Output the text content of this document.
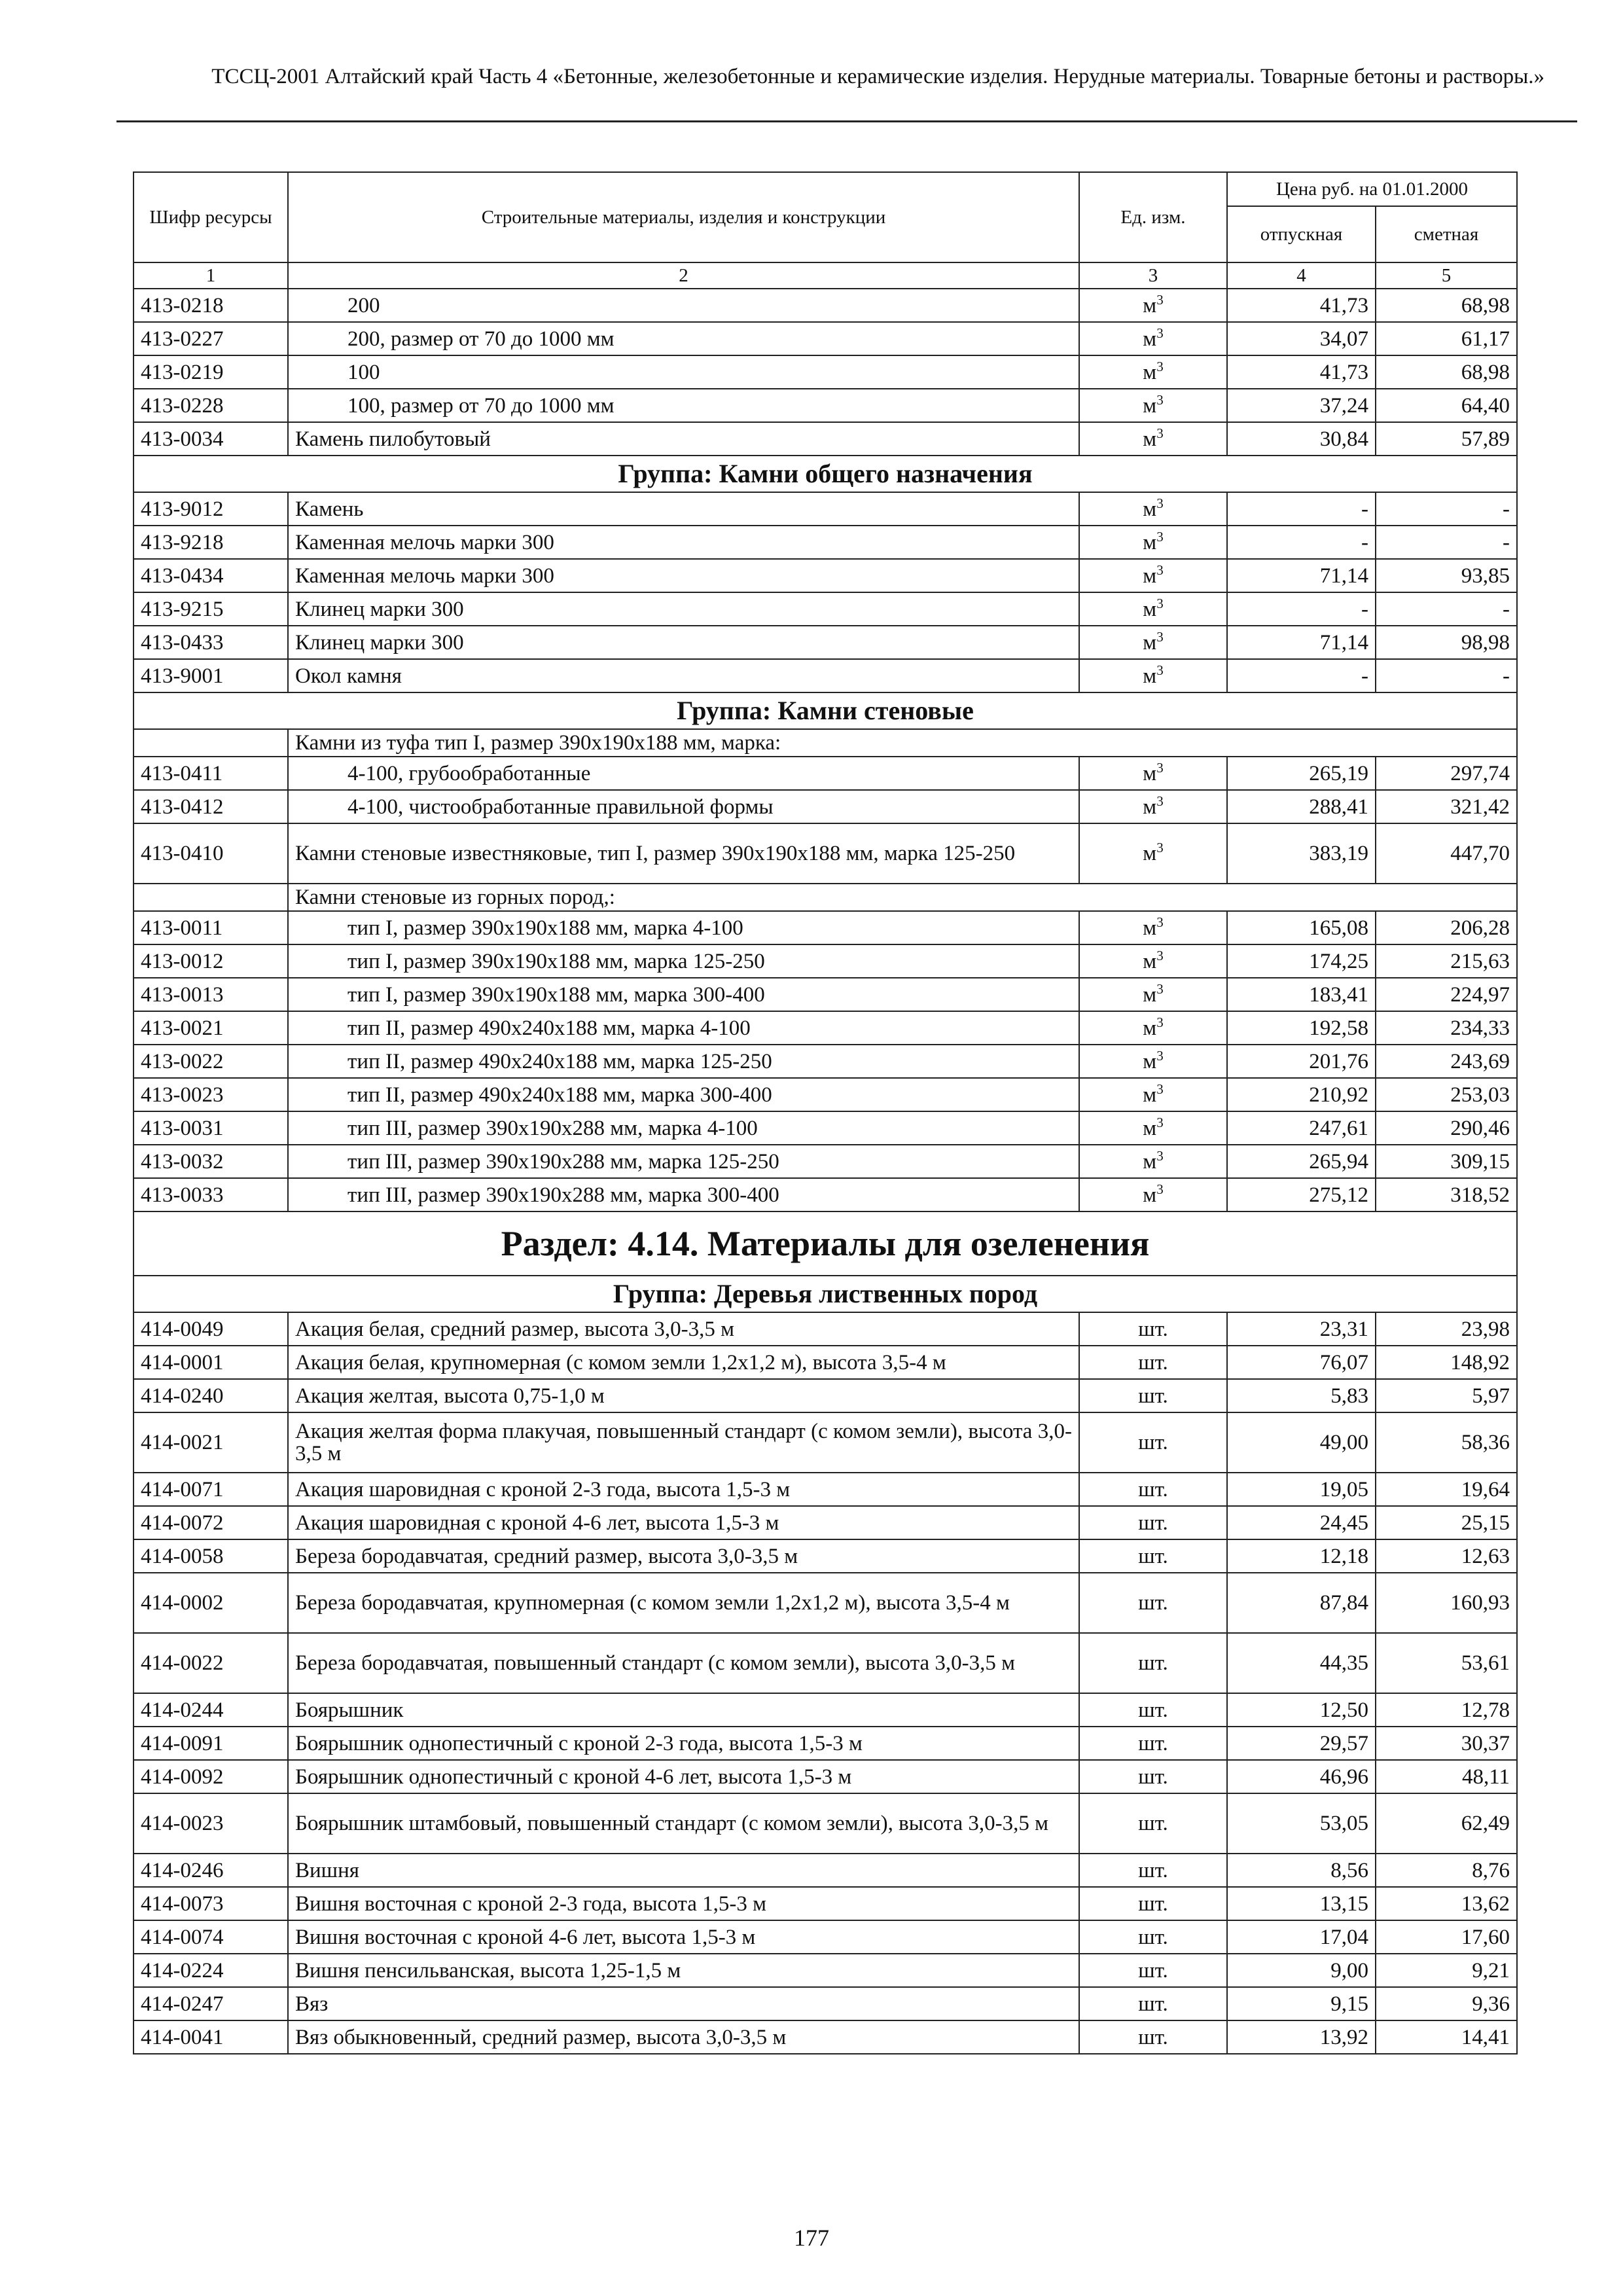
ТССЦ-2001 Алтайский край Часть 4 «Бетонные, железобетонные и керамические изделия. Нерудные материалы. Товарные бетоны и растворы.»
Шифр ресурсы	Строительные материалы, изделия и конструкции	Ед. изм.	Цена руб. на 01.01.2000	
			отпускная	сметная
1	2	3	4	5
413-0218	200	$м^3$	41,73	68,98
413-0227	200, размер от 70 до 1000 мм	$м^3$	34,07	61,17
413-0219	100	$м^3$	41,73	68,98
413-0228	100, размер от 70 до 1000 мм	$м^3$	37,24	64,40
413-0034	Камень пилобутовый	$м^3$	30,84	57,89
Группа: Камни общего назначения				
413-9012	Камень	$м^3$	-	-
413-9218	Каменная мелочь марки 300	$м^3$	-	-
413-0434	Каменная мелочь марки 300	$м^3$	71,14	93,85
413-9215	Клинец марки 300	$м^3$	-	-
413-0433	Клинец марки 300	$м^3$	71,14	98,98
413-9001	Окол камня	$м^3$	-	-
Группа: Камни стеновые				
	Камни из туфа тип I, размер 390x190x188 мм, марка:			
413-0411	4-100, грубообработанные	$м^3$	265,19	297,74
413-0412	4-100, чистообработанные правильной формы	$м^3$	288,41	321,42
413-0410	Камни стеновые известняковые, тип I, размер 390x190x188 мм, марка 125-250	$м^3$	383,19	447,70
	Камни стеновые из горных пород,:			
413-0011	тип I, размер 390x190x188 мм, марка 4-100	$м^3$	165,08	206,28
413-0012	тип I, размер 390x190x188 мм, марка 125-250	$м^3$	174,25	215,63
413-0013	тип I, размер 390x190x188 мм, марка 300-400	$м^3$	183,41	224,97
413-0021	тип II, размер 490x240x188 мм, марка 4-100	$м^3$	192,58	234,33
413-0022	тип II, размер 490x240x188 мм, марка 125-250	$м^3$	201,76	243,69
413-0023	тип II, размер 490x240x188 мм, марка 300-400	$м^3$	210,92	253,03
413-0031	тип III, размер 390x190x288 мм, марка 4-100	$м^3$	247,61	290,46
413-0032	тип III, размер 390x190x288 мм, марка 125-250	$м^3$	265,94	309,15
413-0033	тип III, размер 390x190x288 мм, марка 300-400	$м^3$	275,12	318,52
Раздел: 4.14. Материалы для озеленения				
Группа: Деревья лиственных пород				
414-0049	Акация белая, средний размер, высота 3,0-3,5 м	шт.	23,31	23,98
414-0001	Акация белая, крупномерная (с комом земли 1,2x1,2 м), высота 3,5-4 м	шт.	76,07	148,92
414-0240	Акация желтая, высота 0,75-1,0 м	шт.	5,83	5,97
414-0021	Акация желтая форма плакучая, повышенный стандарт (с комом земли), высота 3,0-3,5 м	шт.	49,00	58,36
414-0071	Акация шаровидная с кроной 2-3 года, высота 1,5-3 м	шт.	19,05	19,64
414-0072	Акация шаровидная с кроной 4-6 лет, высота 1,5-3 м	шт.	24,45	25,15
414-0058	Береза бородавчатая, средний размер, высота 3,0-3,5 м	шт.	12,18	12,63
414-0002	Береза бородавчатая, крупномерная (с комом земли 1,2x1,2 м), высота 3,5-4 м	шт.	87,84	160,93
414-0022	Береза бородавчатая, повышенный стандарт (с комом земли), высота 3,0-3,5 м	шт.	44,35	53,61
414-0244	Боярышник	шт.	12,50	12,78
414-0091	Боярышник однопестичный с кроной 2-3 года, высота 1,5-3 м	шт.	29,57	30,37
414-0092	Боярышник однопестичный с кроной 4-6 лет, высота 1,5-3 м	шт.	46,96	48,11
414-0023	Боярышник штамбовый, повышенный стандарт (с комом земли), высота 3,0-3,5 м	шт.	53,05	62,49
414-0246	Вишня	шт.	8,56	8,76
414-0073	Вишня восточная с кроной 2-3 года, высота 1,5-3 м	шт.	13,15	13,62
414-0074	Вишня восточная с кроной 4-6 лет, высота 1,5-3 м	шт.	17,04	17,60
414-0224	Вишня пенсильванская, высота 1,25-1,5 м	шт.	9,00	9,21
414-0247	Вяз	шт.	9,15	9,36
414-0041	Вяз обыкновенный, средний размер, высота 3,0-3,5 м	шт.	13,92	14,41
177
